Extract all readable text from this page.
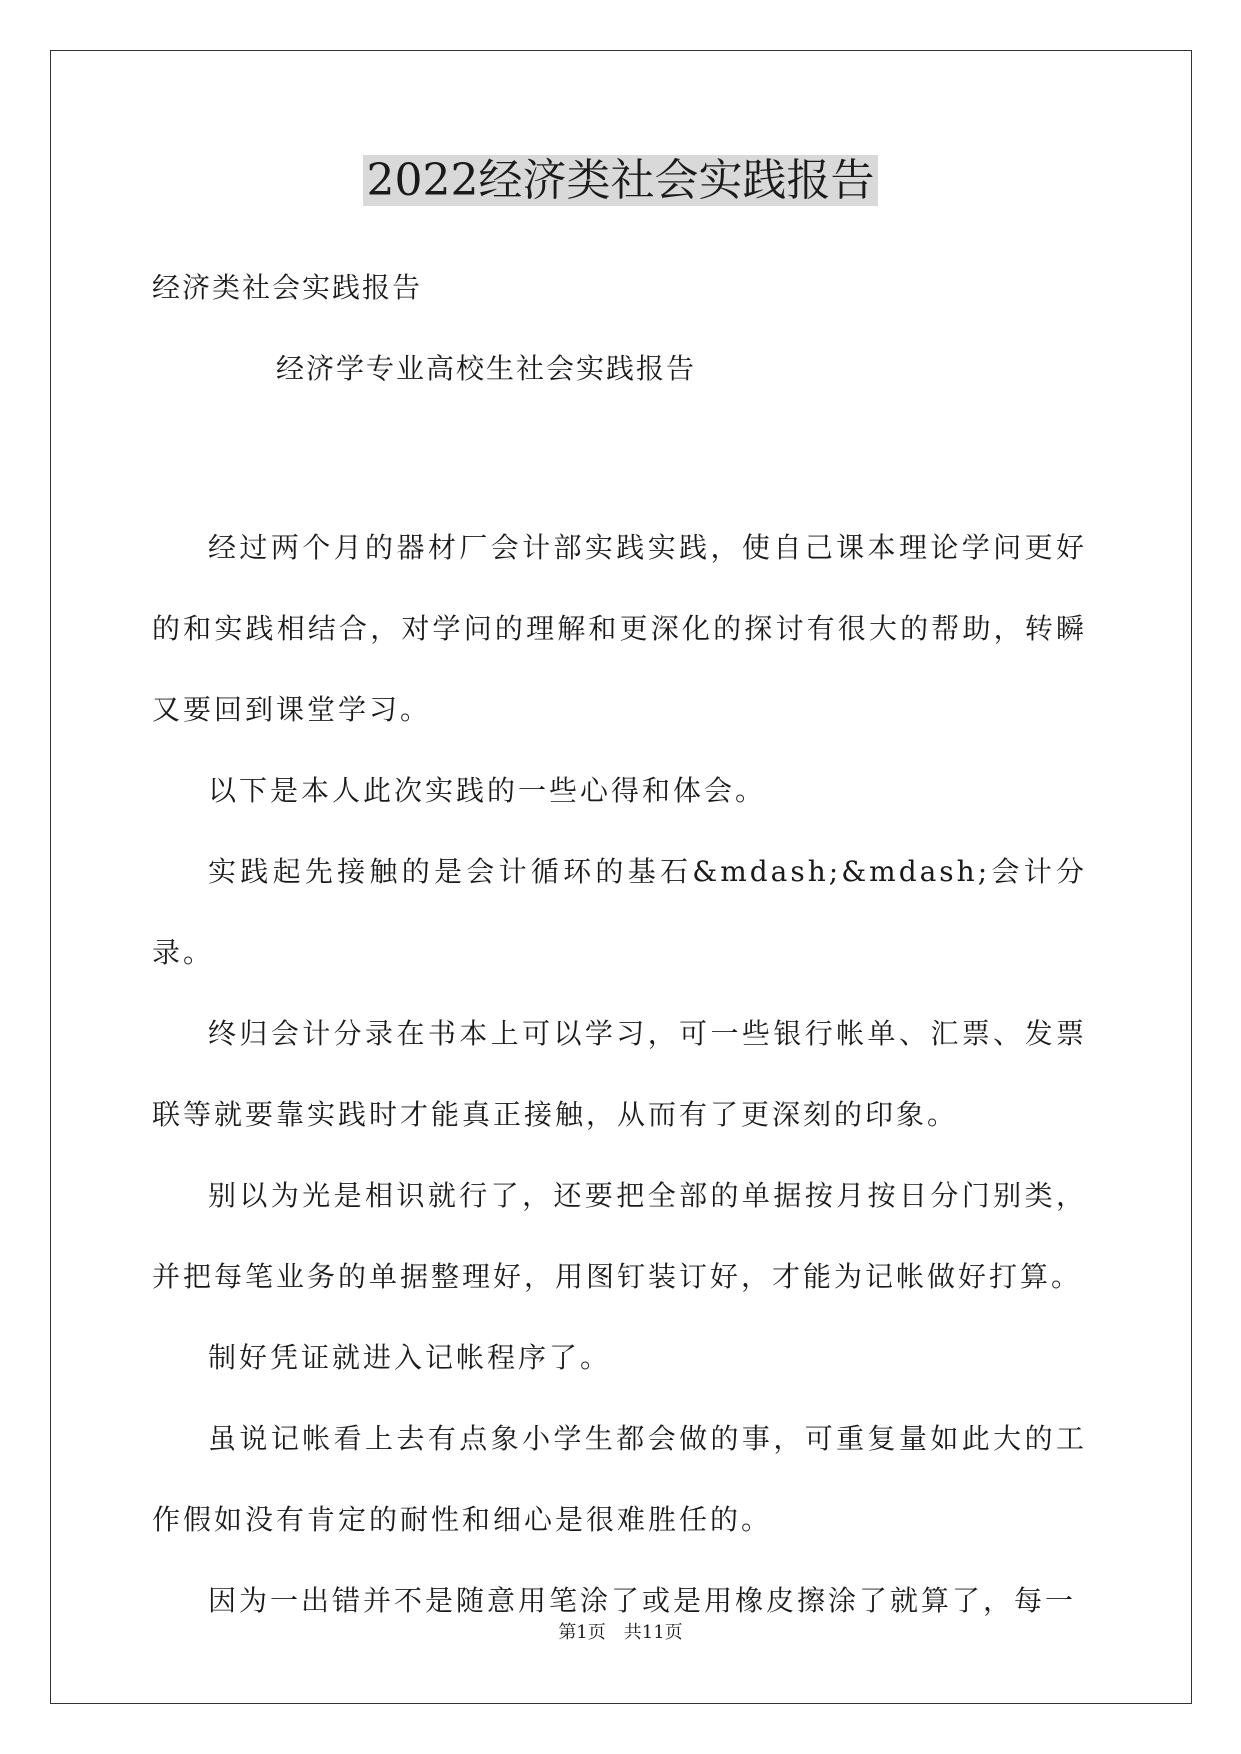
2022经济类社会实践报告
经济类社会实践报告
经济学专业高校生社会实践报告

经过两个月的器材厂会计部实践实践，使自己课本理论学问更好的和实践相结合，对学问的理解和更深化的探讨有很大的帮助，转瞬又要回到课堂学习。

以下是本人此次实践的一些心得和体会。

实践起先接触的是会计循环的基石&mdash;&mdash;会计分录。

终归会计分录在书本上可以学习，可一些银行帐单、汇票、发票联等就要靠实践时才能真正接触，从而有了更深刻的印象。

别以为光是相识就行了，还要把全部的单据按月按日分门别类，并把每笔业务的单据整理好，用图钉装订好，才能为记帐做好打算。

制好凭证就进入记帐程序了。

虽说记帐看上去有点象小学生都会做的事，可重复量如此大的工作假如没有肯定的耐性和细心是很难胜任的。

因为一出错并不是随意用笔涂了或是用橡皮擦涂了就算了，每一

第1页　共11页
